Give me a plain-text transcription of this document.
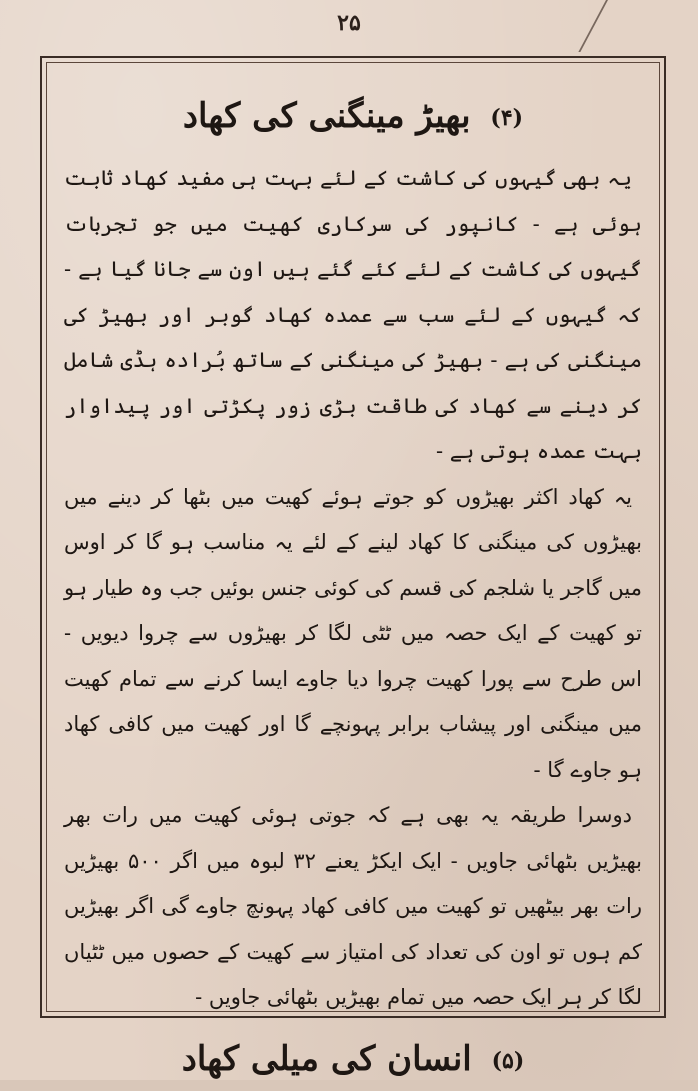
۲۵
(۴) بھیڑ مینگنی کی کھاد

یہ بھی گیہوں کی کاشت کے لئے بہت ہی مفید کھاد ثابت ہوئی ہے - کانپور کی سرکاری کھیت میں جو تجربات گیہوں کی کاشت کے لئے کئے گئے ہیں اون سے جانا گیا ہے - کہ گیہوں کے لئے سب سے عمدہ کھاد گوبر اور بھیڑ کی مینگنی کی ہے - بھیڑ کی مینگنی کے ساتھ بُرادہ ہڈی شامل کر دینے سے کھاد کی طاقت بڑی زور پکڑتی اور پیداوار بہت عمدہ ہوتی ہے -

یہ کھاد اکثر بھیڑوں کو جوتے ہوئے کھیت میں بٹھا کر دینے میں بھیڑوں کی مینگنی کا کھاد لینے کے لئے یہ مناسب ہو گا کر اوس میں گاجر یا شلجم کی قسم کی کوئی جنس بوئیں جب وہ طیار ہو تو کھیت کے ایک حصہ میں ٹٹی لگا کر بھیڑوں سے چروا دیویں - اس طرح سے پورا کھیت چروا دیا جاوے ایسا کرنے سے تمام کھیت میں مینگنی اور پیشاب برابر پہونچے گا اور کھیت میں کافی کھاد ہو جاوے گا -

دوسرا طریقہ یہ بھی ہے کہ جوتی ہوئی کھیت میں رات بھر بھیڑیں بٹھائی جاویں - ایک ایکڑ یعنے ۳۲ لبوہ میں اگر ۵۰۰ بھیڑیں رات بھر بیٹھیں تو کھیت میں کافی کھاد پہونچ جاوے گی اگر بھیڑیں کم ہوں تو اون کی تعداد کی امتیاز سے کھیت کے حصوں میں ٹٹیاں لگا کر ہر ایک حصہ میں تمام بھیڑیں بٹھائی جاویں -

(۵) انسان کی میلی کھاد
